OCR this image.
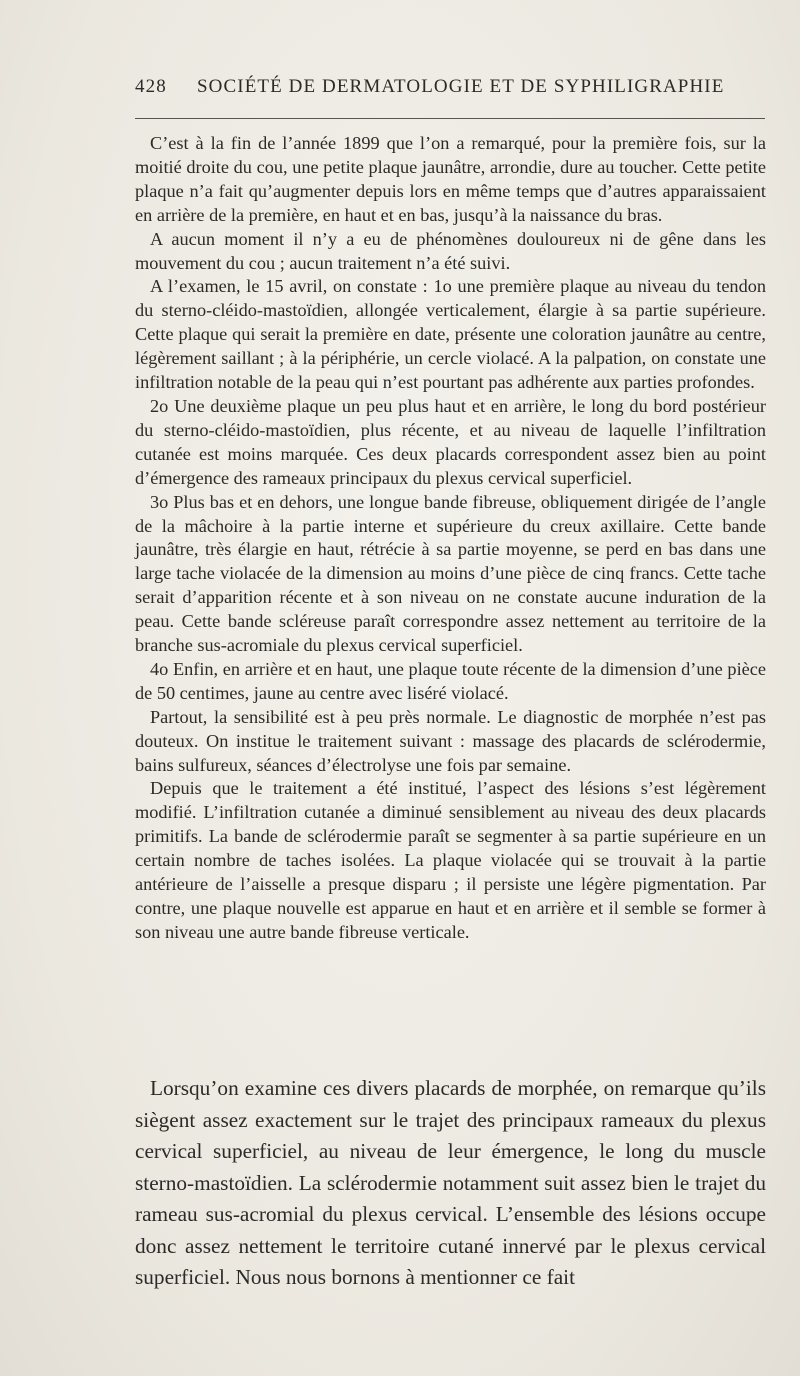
428	SOCIÉTÉ DE DERMATOLOGIE ET DE SYPHILIGRAPHIE

C’est à la fin de l’année 1899 que l’on a remarqué, pour la première fois, sur la moitié droite du cou, une petite plaque jaunâtre, arrondie, dure au toucher. Cette petite plaque n’a fait qu’augmenter depuis lors en même temps que d’autres apparaissaient en arrière de la première, en haut et en bas, jusqu’à la naissance du bras.

A aucun moment il n’y a eu de phénomènes douloureux ni de gêne dans les mouvement du cou ; aucun traitement n’a été suivi.

A l’examen, le 15 avril, on constate : 1o une première plaque au niveau du tendon du sterno-cléido-mastoïdien, allongée verticalement, élargie à sa partie supérieure. Cette plaque qui serait la première en date, présente une coloration jaunâtre au centre, légèrement saillant ; à la périphérie, un cercle violacé. A la palpation, on constate une infiltration notable de la peau qui n’est pourtant pas adhérente aux parties profondes.

2o Une deuxième plaque un peu plus haut et en arrière, le long du bord postérieur du sterno-cléido-mastoïdien, plus récente, et au niveau de laquelle l’infiltration cutanée est moins marquée. Ces deux placards correspondent assez bien au point d’émergence des rameaux principaux du plexus cervical superficiel.

3o Plus bas et en dehors, une longue bande fibreuse, obliquement dirigée de l’angle de la mâchoire à la partie interne et supérieure du creux axillaire. Cette bande jaunâtre, très élargie en haut, rétrécie à sa partie moyenne, se perd en bas dans une large tache violacée de la dimension au moins d’une pièce de cinq francs. Cette tache serait d’apparition récente et à son niveau on ne constate aucune induration de la peau. Cette bande scléreuse paraît correspondre assez nettement au territoire de la branche sus-acromiale du plexus cervical superficiel.

4o Enfin, en arrière et en haut, une plaque toute récente de la dimension d’une pièce de 50 centimes, jaune au centre avec liséré violacé.

Partout, la sensibilité est à peu près normale. Le diagnostic de morphée n’est pas douteux. On institue le traitement suivant : massage des placards de sclérodermie, bains sulfureux, séances d’électrolyse une fois par semaine.

Depuis que le traitement a été institué, l’aspect des lésions s’est légèrement modifié. L’infiltration cutanée a diminué sensiblement au niveau des deux placards primitifs. La bande de sclérodermie paraît se segmenter à sa partie supérieure en un certain nombre de taches isolées. La plaque violacée qui se trouvait à la partie antérieure de l’aisselle a presque disparu ; il persiste une légère pigmentation. Par contre, une plaque nouvelle est apparue en haut et en arrière et il semble se former à son niveau une autre bande fibreuse verticale.

Lorsqu’on examine ces divers placards de morphée, on remarque qu’ils siègent assez exactement sur le trajet des principaux rameaux du plexus cervical superficiel, au niveau de leur émergence, le long du muscle sterno-mastoïdien. La sclérodermie notamment suit assez bien le trajet du rameau sus-acromial du plexus cervical. L’ensemble des lésions occupe donc assez nettement le territoire cutané innervé par le plexus cervical superficiel. Nous nous bornons à mentionner ce fait
